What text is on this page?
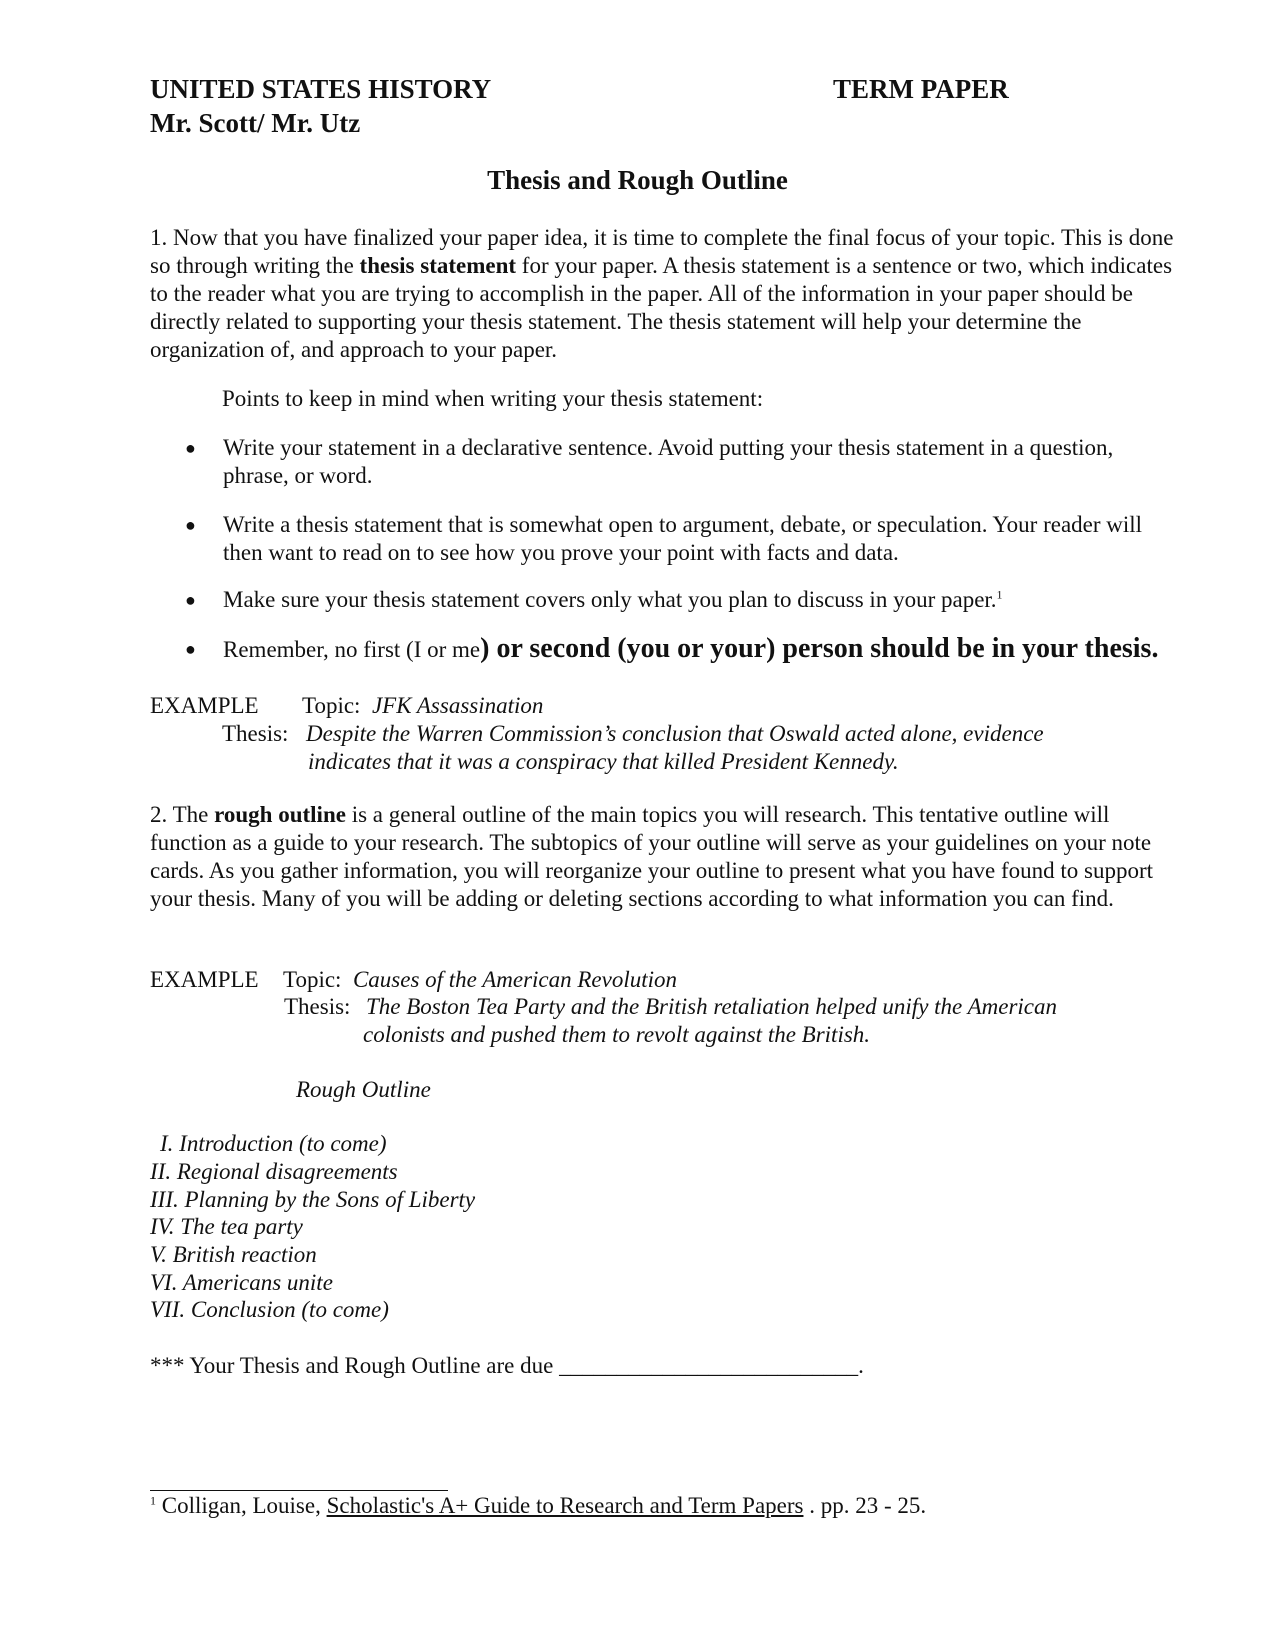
UNITED STATES HISTORY	TERM PAPER
Mr. Scott/ Mr. Utz
Thesis and Rough Outline
1. Now that you have finalized your paper idea, it is time to complete the final focus of your topic. This is done so through writing the thesis statement for your paper. A thesis statement is a sentence or two, which indicates to the reader what you are trying to accomplish in the paper. All of the information in your paper should be directly related to supporting your thesis statement. The thesis statement will help your determine the organization of, and approach to your paper.
Points to keep in mind when writing your thesis statement:
● Write your statement in a declarative sentence. Avoid putting your thesis statement in a question, phrase, or word.
● Write a thesis statement that is somewhat open to argument, debate, or speculation. Your reader will then want to read on to see how you prove your point with facts and data.
● Make sure your thesis statement covers only what you plan to discuss in your paper.$^1$
● Remember, no first (I or me) or second (you or your) person should be in your thesis.
EXAMPLE Topic: JFK Assassination
Thesis: Despite the Warren Commission’s conclusion that Oswald acted alone, evidence
indicates that it was a conspiracy that killed President Kennedy.
2. The rough outline is a general outline of the main topics you will research. This tentative outline will function as a guide to your research. The subtopics of your outline will serve as your guidelines on your note cards. As you gather information, you will reorganize your outline to present what you have found to support your thesis. Many of you will be adding or deleting sections according to what information you can find.
EXAMPLE Topic: Causes of the American Revolution
Thesis: The Boston Tea Party and the British retaliation helped unify the American
colonists and pushed them to revolt against the British.
Rough Outline
I. Introduction (to come)
II. Regional disagreements
III. Planning by the Sons of Liberty
IV. The tea party
V. British reaction
VI. Americans unite
VII. Conclusion (to come)
*** Your Thesis and Rough Outline are due __________________________.
$^1$ Colligan, Louise, Scholastic's A+ Guide to Research and Term Papers . pp. 23 - 25.
